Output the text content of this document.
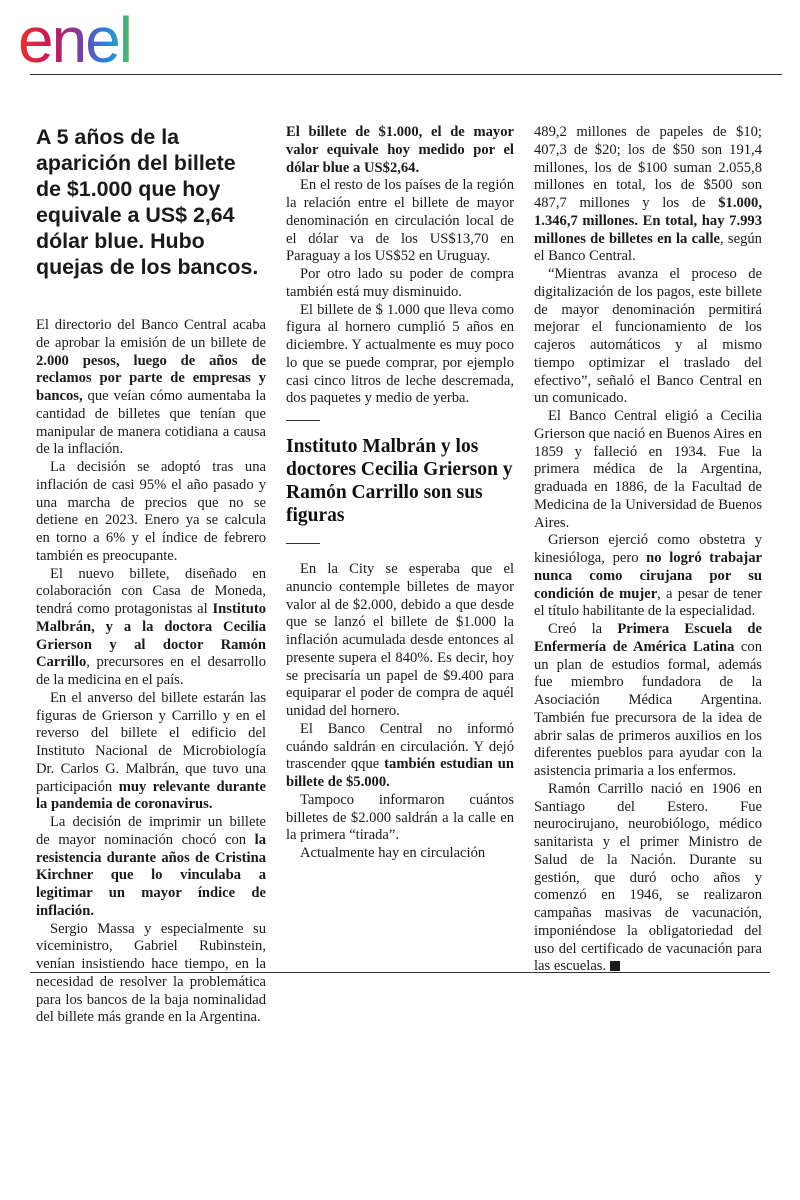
enel
A 5 años de la aparición del billete de $1.000 que hoy equivale a US$ 2,64 dólar blue. Hubo quejas de los bancos.

El directorio del Banco Central acaba de aprobar la emisión de un billete de 2.000 pesos, luego de años de reclamos por parte de empresas y bancos, que veían cómo aumentaba la cantidad de billetes que tenían que manipular de manera cotidiana a causa de la inflación.

La decisión se adoptó tras una inflación de casi 95% el año pasado y una marcha de precios que no se detiene en 2023. Enero ya se calcula en torno a 6% y el índice de febrero también es preocupante.

El nuevo billete, diseñado en colaboración con Casa de Moneda, tendrá como protagonistas al Instituto Malbrán, y a la doctora Cecilia Grierson y al doctor Ramón Carrillo, precursores en el desarrollo de la medicina en el país.

En el anverso del billete estarán las figuras de Grierson y Carrillo y en el reverso del billete el edificio del Instituto Nacional de Microbiología Dr. Carlos G. Malbrán, que tuvo una participación muy relevante durante la pandemia de coronavirus.

La decisión de imprimir un billete de mayor nominación chocó con la resistencia durante años de Cristina Kirchner que lo vinculaba a legitimar un mayor índice de inflación.

Sergio Massa y especialmente su viceministro, Gabriel Rubinstein, venían insistiendo hace tiempo, en la necesidad de resolver la problemática para los bancos de la baja nominalidad del billete más grande en la Argentina.

El billete de $1.000, el de mayor valor equivale hoy medido por el dólar blue a US$2,64.

En el resto de los países de la región la relación entre el billete de mayor denominación en circulación local de el dólar va de los US$13,70 en Paraguay a los US$52 en Uruguay.

Por otro lado su poder de compra también está muy disminuido.

El billete de $ 1.000 que lleva como figura al hornero cumplió 5 años en diciembre. Y actualmente es muy poco lo que se puede comprar, por ejemplo casi cinco litros de leche descremada, dos paquetes y medio de yerba.

Instituto Malbrán y los doctores Cecilia Grierson y Ramón Carrillo son sus figuras

En la City se esperaba que el anuncio contemple billetes de mayor valor al de $2.000, debido a que desde que se lanzó el billete de $1.000 la inflación acumulada desde entonces al presente supera el 840%. Es decir, hoy se precisaría un papel de $9.400 para equiparar el poder de compra de aquél unidad del hornero.

El Banco Central no informó cuándo saldrán en circulación. Y dejó trascender qque también estudian un billete de $5.000.

Tampoco informaron cuántos billetes de $2.000 saldrán a la calle en la primera “tirada”.

Actualmente hay en circulación

489,2 millones de papeles de $10; 407,3 de $20; los de $50 son 191,4 millones, los de $100 suman 2.055,8 millones en total, los de $500 son 487,7 millones y los de $1.000, 1.346,7 millones. En total, hay 7.993 millones de billetes en la calle, según el Banco Central.

“Mientras avanza el proceso de digitalización de los pagos, este billete de mayor denominación permitirá mejorar el funcionamiento de los cajeros automáticos y al mismo tiempo optimizar el traslado del efectivo”, señaló el Banco Central en un comunicado.

El Banco Central eligió a Cecilia Grierson que nació en Buenos Aires en 1859 y falleció en 1934. Fue la primera médica de la Argentina, graduada en 1886, de la Facultad de Medicina de la Universidad de Buenos Aires.

Grierson ejerció como obstetra y kinesióloga, pero no logró trabajar nunca como cirujana por su condición de mujer, a pesar de tener el título habilitante de la especialidad.

Creó la Primera Escuela de Enfermería de América Latina con un plan de estudios formal, además fue miembro fundadora de la Asociación Médica Argentina. También fue precursora de la idea de abrir salas de primeros auxilios en los diferentes pueblos para ayudar con la asistencia primaria a los enfermos.

Ramón Carrillo nació en 1906 en Santiago del Estero. Fue neurocirujano, neurobiólogo, médico sanitarista y el primer Ministro de Salud de la Nación. Durante su gestión, que duró ocho años y comenzó en 1946, se realizaron campañas masivas de vacunación, imponiéndose la obligatoriedad del uso del certificado de vacunación para las escuelas.
